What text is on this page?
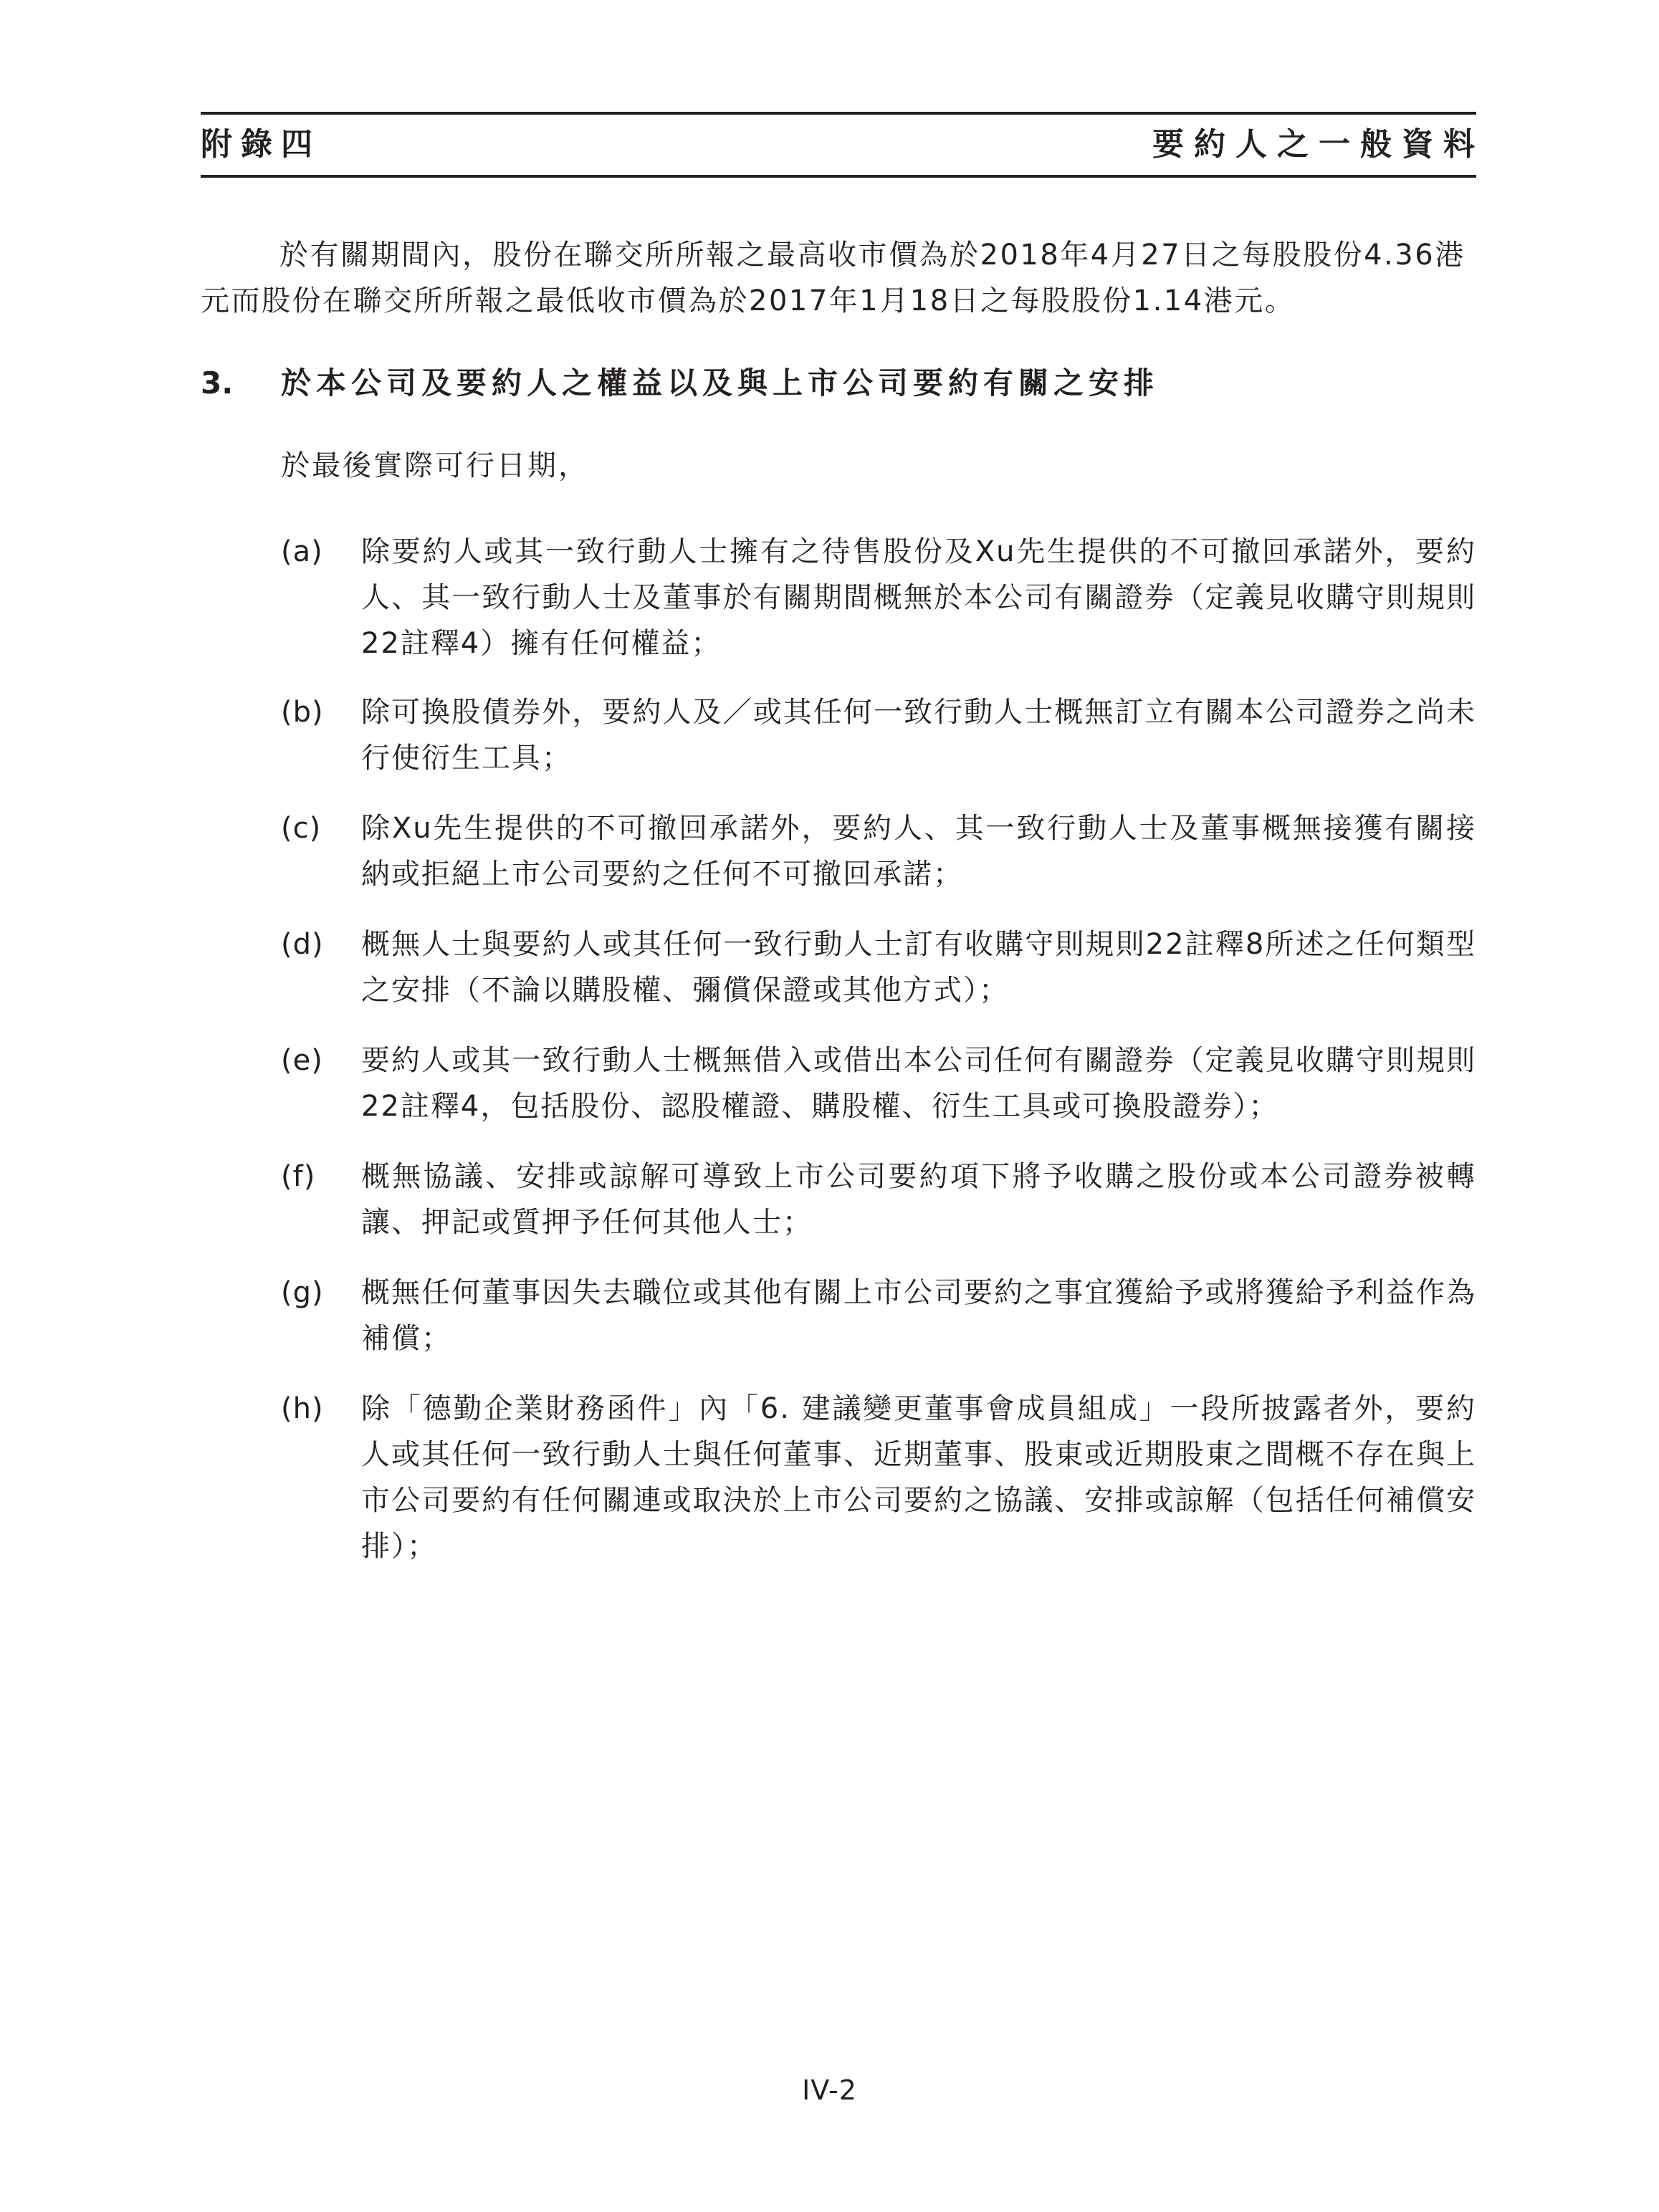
附錄四	要約人之一般資料
於有關期間內，股份在聯交所所報之最高收市價為於2018年4月27日之每股股份4.36港元而股份在聯交所所報之最低收市價為於2017年1月18日之每股股份1.14港元。
3. 於本公司及要約人之權益以及與上市公司要約有關之安排
於最後實際可行日期，
(a) 除要約人或其一致行動人士擁有之待售股份及Xu先生提供的不可撤回承諾外，要約人、其一致行動人士及董事於有關期間概無於本公司有關證券（定義見收購守則規則22註釋4）擁有任何權益；
(b) 除可換股債券外，要約人及／或其任何一致行動人士概無訂立有關本公司證券之尚未行使衍生工具；
(c) 除Xu先生提供的不可撤回承諾外，要約人、其一致行動人士及董事概無接獲有關接納或拒絕上市公司要約之任何不可撤回承諾；
(d) 概無人士與要約人或其任何一致行動人士訂有收購守則規則22註釋8所述之任何類型之安排（不論以購股權、彌償保證或其他方式）；
(e) 要約人或其一致行動人士概無借入或借出本公司任何有關證券（定義見收購守則規則22註釋4，包括股份、認股權證、購股權、衍生工具或可換股證券）；
(f) 概無協議、安排或諒解可導致上市公司要約項下將予收購之股份或本公司證券被轉讓、押記或質押予任何其他人士；
(g) 概無任何董事因失去職位或其他有關上市公司要約之事宜獲給予或將獲給予利益作為補償；
(h) 除「德勤企業財務函件」內「6. 建議變更董事會成員組成」一段所披露者外，要約人或其任何一致行動人士與任何董事、近期董事、股東或近期股東之間概不存在與上市公司要約有任何關連或取決於上市公司要約之協議、安排或諒解（包括任何補償安排）；
IV-2
